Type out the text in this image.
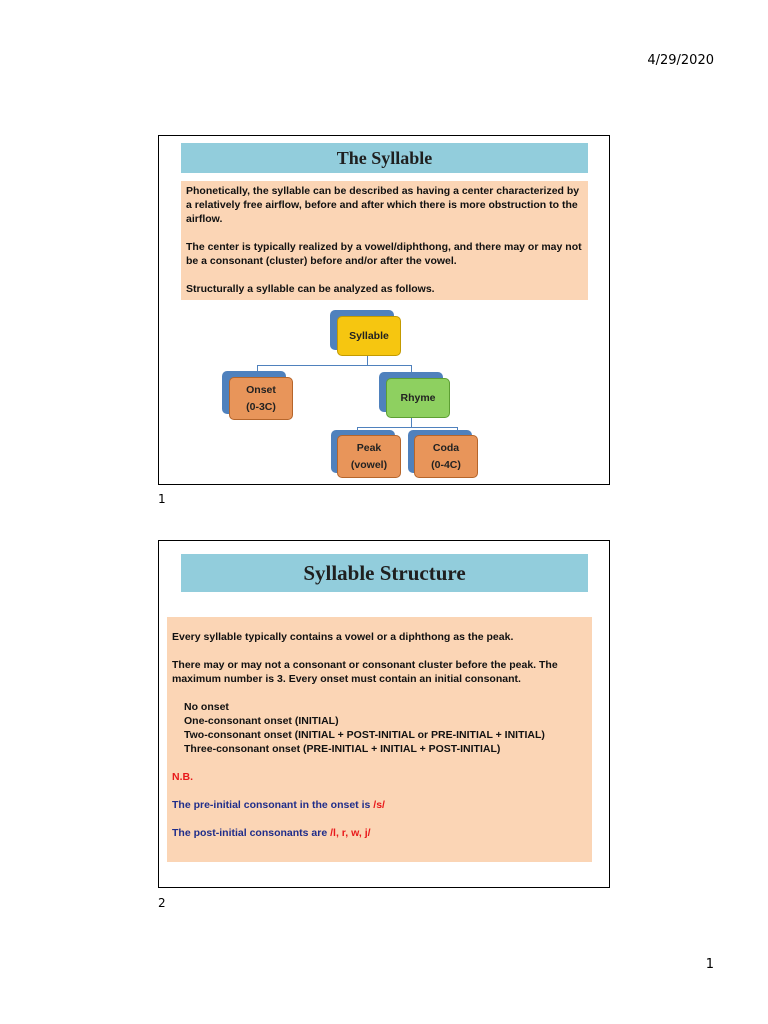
4/29/2020
The Syllable

Phonetically, the syllable can be described as having a center characterized by a relatively free airflow, before and after which there is more obstruction to the airflow.

The center is typically realized by a vowel/diphthong, and there may or may not be a consonant (cluster) before and/or after the vowel.

Structurally a syllable can be analyzed as follows.

Syllable
Onset
(0-3C)
Rhyme
Peak
(vowel)
Coda
(0-4C)
1
Syllable Structure

Every syllable typically contains a vowel or a diphthong as the peak.

There may or may not a consonant or consonant cluster before the peak. The maximum number is 3. Every onset must contain an initial consonant.

No onset
One-consonant onset (INITIAL)
Two-consonant onset (INITIAL + POST-INITIAL or PRE-INITIAL + INITIAL)
Three-consonant onset (PRE-INITIAL + INITIAL + POST-INITIAL)

N.B.

The pre-initial consonant in the onset is /s/

The post-initial consonants are /l, r, w, j/

2
1
